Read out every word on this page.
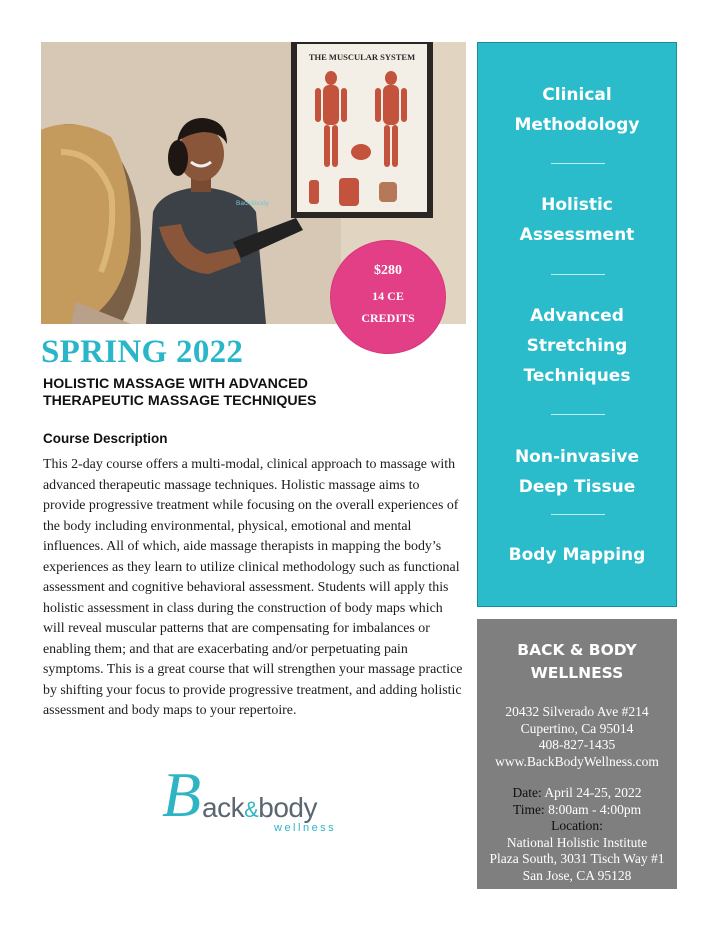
THE MUSCULAR SYSTEM
Back&body
$280
14 CE
CREDITS
SPRING 2022
HOLISTIC MASSAGE WITH ADVANCED
THERAPEUTIC MASSAGE TECHNIQUES
Course Description
This 2-day course offers a multi-modal, clinical approach to massage with advanced therapeutic massage techniques. Holistic massage aims to provide progressive treatment while focusing on the overall experiences of the body including environmental, physical, emotional and mental influences. All of which, aide massage therapists in mapping the body’s experiences as they learn to utilize clinical methodology such as functional assessment and cognitive behavioral assessment. Students will apply this holistic assessment in class during the construction of body maps which will reveal muscular patterns that are compensating for imbalances or enabling them; and that are exacerbating and/or perpetuating pain symptoms. This is a great course that will strengthen your massage practice by shifting your focus to provide progressive treatment, and adding holistic assessment and body maps to your repertoire.
B ack&body
wellness
Clinical
Methodology
Holistic
Assessment
Advanced
Stretching
Techniques
Non-invasive
Deep Tissue
Body Mapping
BACK & BODY
WELLNESS
20432 Silverado Ave #214
Cupertino, Ca 95014
408-827-1435
www.BackBodyWellness.com
Date: April 24-25, 2022
Time: 8:00am - 4:00pm
Location:
National Holistic Institute
Plaza South, 3031 Tisch Way #1
San Jose, CA 95128
